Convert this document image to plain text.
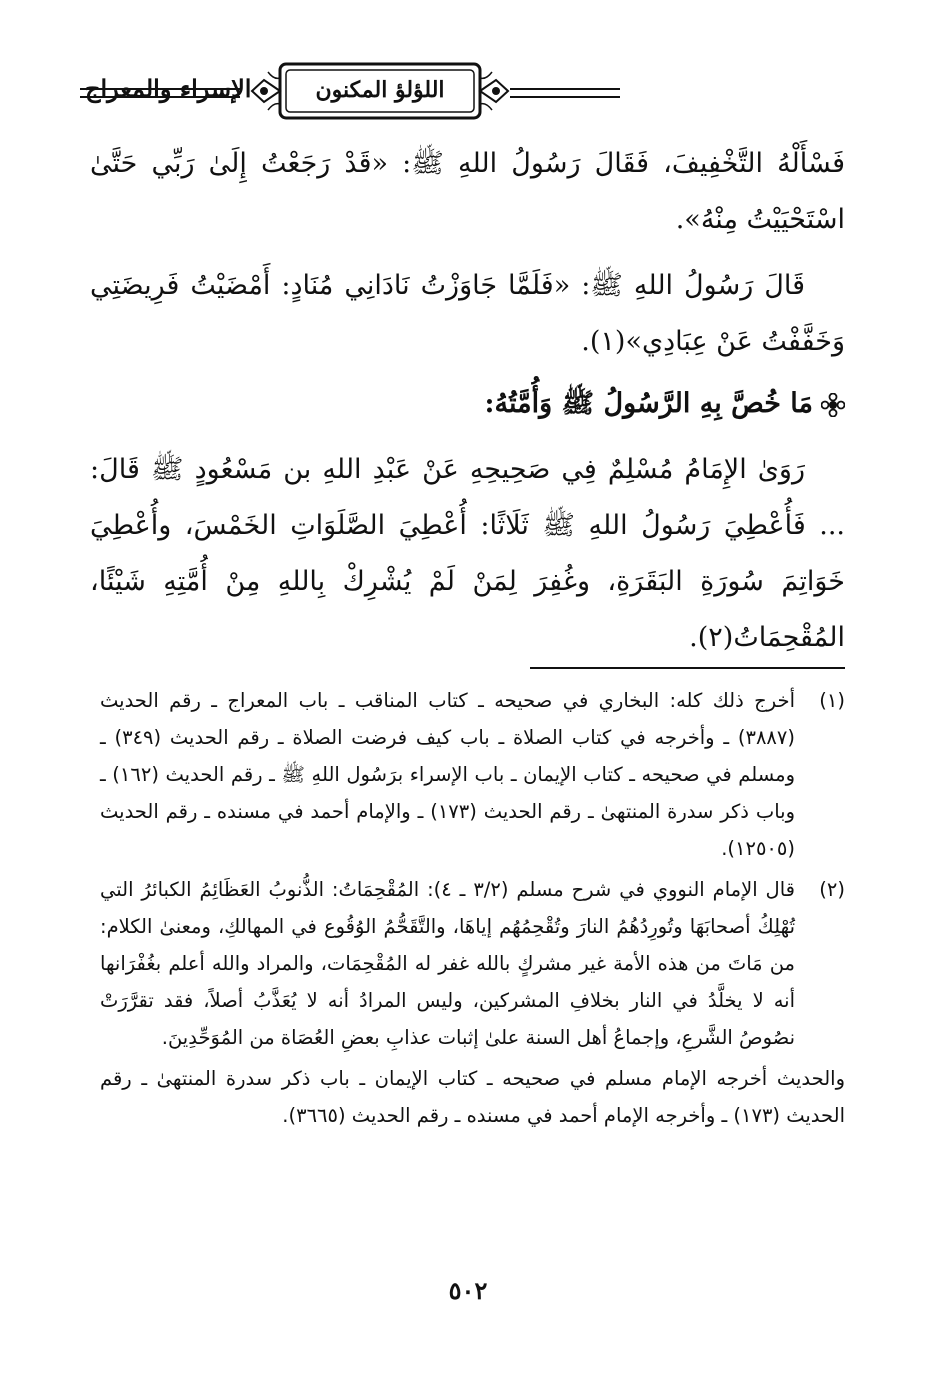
الإسراء والمعراج	اللؤلؤ المكنون

فَسْأَلْهُ التَّخْفِيفَ، فَقَالَ رَسُولُ اللهِ ﷺ: «قَدْ رَجَعْتُ إِلَىٰ رَبِّي حَتَّىٰ اسْتَحْيَيْتُ مِنْهُ».

قَالَ رَسُولُ اللهِ ﷺ: «فَلَمَّا جَاوَزْتُ نَادَانِي مُنَادٍ: أَمْضَيْتُ فَرِيضَتِي وَخَفَّفْتُ عَنْ عِبَادِي»(١).

مَا خُصَّ بِهِ الرَّسُولُ ﷺ وَأُمَّتُهُ:

رَوَىٰ الإِمَامُ مُسْلِمٌ فِي صَحِيحِهِ عَنْ عَبْدِ اللهِ بن مَسْعُودٍ ﷺ قَالَ: ... فَأُعْطِيَ رَسُولُ اللهِ ﷺ ثَلَاثًا: أُعْطِيَ الصَّلَوَاتِ الخَمْسَ، وأُعْطِيَ خَوَاتِمَ سُورَةِ البَقَرَةِ، وغُفِرَ لِمَنْ لَمْ يُشْرِكْ بِاللهِ مِنْ أُمَّتِهِ شَيْئًا، المُقْحِمَاتُ(٢).

(١)
أخرج ذلك كله: البخاري في صحيحه ـ كتاب المناقب ـ باب المعراج ـ رقم الحديث (٣٨٨٧) ـ وأخرجه في كتاب الصلاة ـ باب كيف فرضت الصلاة ـ رقم الحديث (٣٤٩) ـ ومسلم في صحيحه ـ كتاب الإيمان ـ باب الإسراء برَسُول اللهِ ﷺ ـ رقم الحديث (١٦٢) ـ وباب ذكر سدرة المنتهىٰ ـ رقم الحديث (١٧٣) ـ والإمام أحمد في مسنده ـ رقم الحديث (١٢٥٠٥).
(٢)
قال الإمام النووي في شرح مسلم (٣/٢ ـ ٤): المُقْحِمَاتُ: الذُّنوبُ العَظَائِمُ الكبائرُ التي تُهْلِكُ أصحابَهَا وتُورِدُهُمُ النارَ وتُقْحِمُهُم إياهَا، والتَّقَحُّمُ الوُقُوع في المهالكِ، ومعنىٰ الكلام: من مَاتَ من هذه الأمة غير مشركٍ بالله غفر له المُقْحِمَات، والمراد والله أعلم بغُفْرَانها أنه لا يخلَّدُ في النار بخلافِ المشركين، وليس المرادُ أنه لا يُعَذَّبُ أصلاً، فقد تقرَّرَتْ نصُوصُ الشَّرعِ، وإجماعُ أهل السنة علىٰ إثبات عذابِ بعضِ العُصَاة من المُوَحِّدِينَ.
والحديث أخرجه الإمام مسلم في صحيحه ـ كتاب الإيمان ـ باب ذكر سدرة المنتهىٰ ـ رقم الحديث (١٧٣) ـ وأخرجه الإمام أحمد في مسنده ـ رقم الحديث (٣٦٦٥).
٥٠٢
